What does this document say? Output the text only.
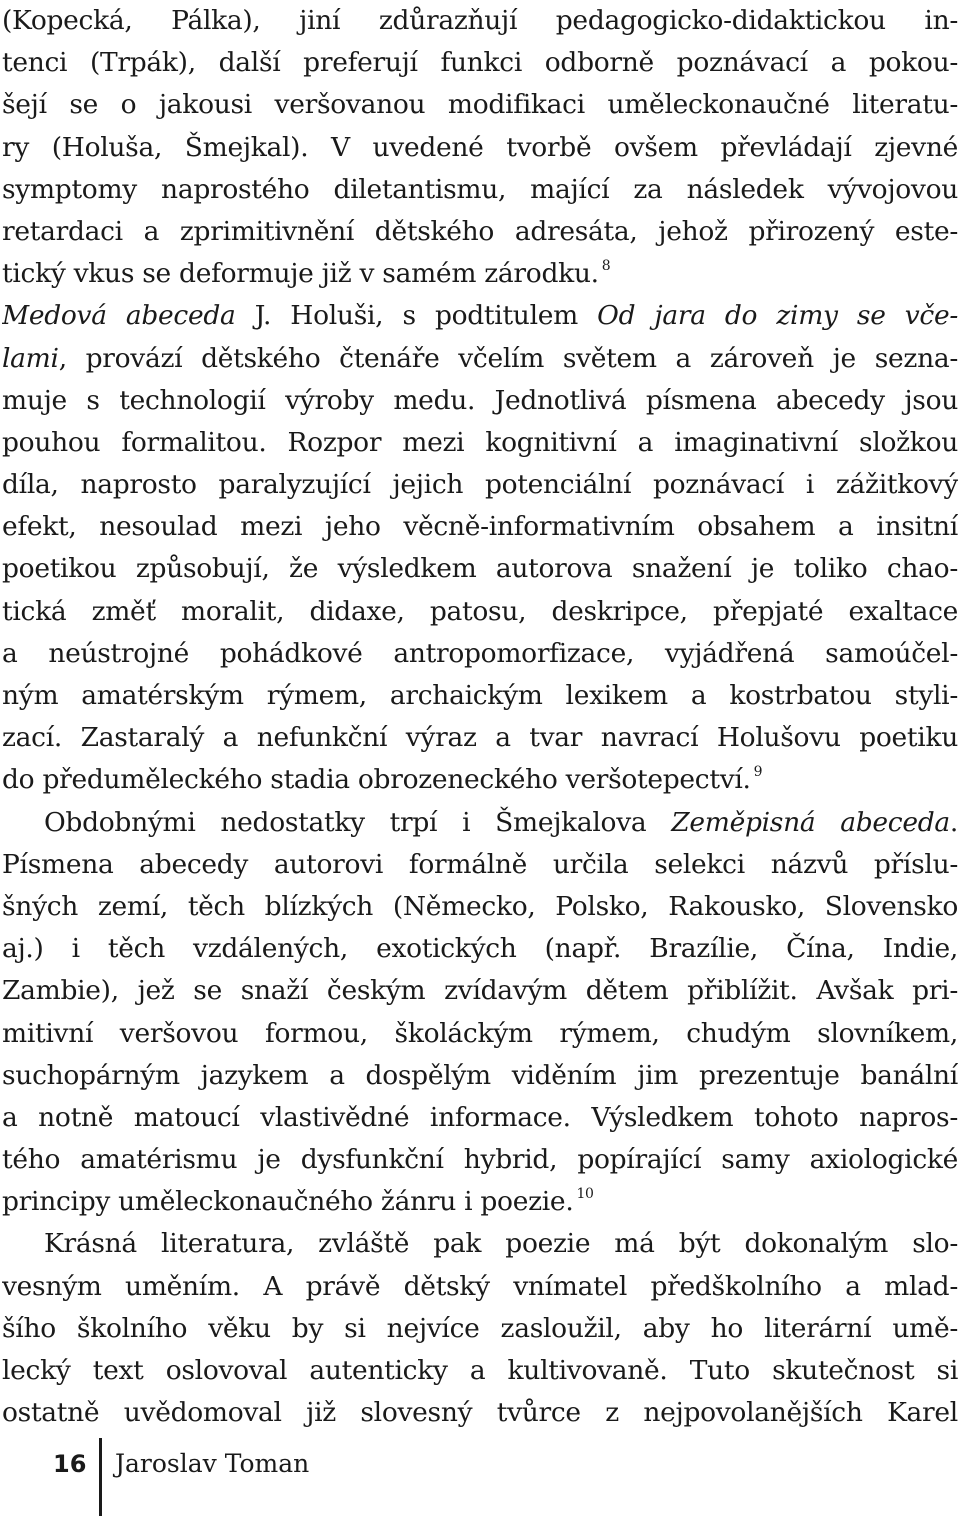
(Kopecká, Pálka), jiní zdůrazňují pedagogicko-didaktickou in-
tenci (Trpák), další preferují funkci odborně poznávací a pokou-
šejí se o jakousi veršovanou modifikaci uměleckonaučné literatu-
ry (Holuša, Šmejkal). V uvedené tvorbě ovšem převládají zjevné
symptomy naprostého diletantismu, mající za následek vývojovou
retardaci a zprimitivnění dětského adresáta, jehož přirozený este-
tický vkus se deformuje již v samém zárodku. $^8$
Medová abeceda J. Holuši, s podtitulem Od jara do zimy se vče-
lami, provází dětského čtenáře včelím světem a zároveň je sezna-
muje s technologií výroby medu. Jednotlivá písmena abecedy jsou
pouhou formalitou. Rozpor mezi kognitivní a imaginativní složkou
díla, naprosto paralyzující jejich potenciální poznávací i zážitkový
efekt, nesoulad mezi jeho věcně-informativním obsahem a insitní
poetikou způsobují, že výsledkem autorova snažení je toliko chao-
tická změť moralit, didaxe, patosu, deskripce, přepjaté exaltace
a neústrojné pohádkové antropomorfizace, vyjádřená samoúčel-
ným amatérským rýmem, archaickým lexikem a kostrbatou styli-
zací. Zastaralý a nefunkční výraz a tvar navrací Holušovu poetiku
do předuměleckého stadia obrozeneckého veršotepectví. $^9$
Obdobnými nedostatky trpí i Šmejkalova Zeměpisná abeceda.
Písmena abecedy autorovi formálně určila selekci názvů příslu-
šných zemí, těch blízkých (Německo, Polsko, Rakousko, Slovensko
aj.) i těch vzdálených, exotických (např. Brazílie, Čína, Indie,
Zambie), jež se snaží českým zvídavým dětem přiblížit. Avšak pri-
mitivní veršovou formou, školáckým rýmem, chudým slovníkem,
suchopárným jazykem a dospělým viděním jim prezentuje banální
a notně matoucí vlastivědné informace. Výsledkem tohoto napros-
tého amatérismu je dysfunkční hybrid, popírající samy axiologické
principy uměleckonaučného žánru i poezie. $^{10}$
Krásná literatura, zvláště pak poezie má být dokonalým slo-
vesným uměním. A právě dětský vnímatel předškolního a mlad-
šího školního věku by si nejvíce zasloužil, aby ho literární umě-
lecký text oslovoval autenticky a kultivovaně. Tuto skutečnost si
ostatně uvědomoval již slovesný tvůrce z nejpovolanějších Karel
16 Jaroslav Toman
